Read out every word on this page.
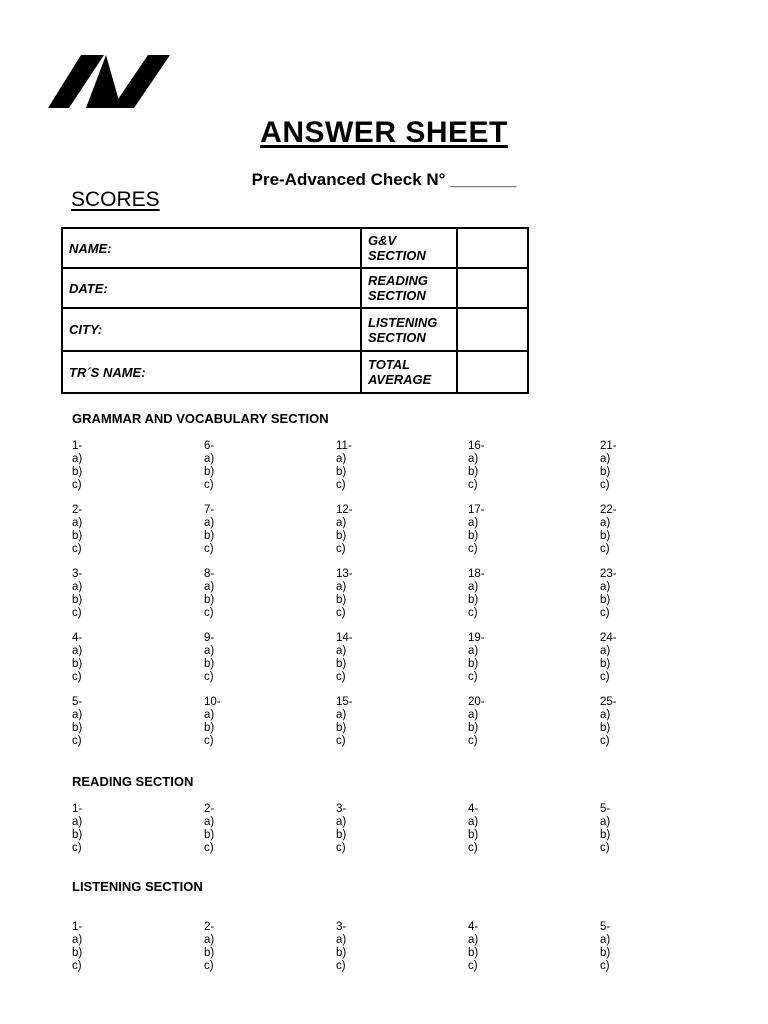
ANSWER SHEET
Pre-Advanced Check N° _______
SCORES
NAME:	G&V SECTION	
DATE:	READING SECTION	
CITY:	LISTENING SECTION	
TR´S NAME:	TOTAL AVERAGE	
GRAMMAR AND VOCABULARY SECTION
1-
a)
b)
c)
6-
a)
b)
c)
11-
a)
b)
c)
16-
a)
b)
c)
21-
a)
b)
c)
2-
a)
b)
c)
7-
a)
b)
c)
12-
a)
b)
c)
17-
a)
b)
c)
22-
a)
b)
c)
3-
a)
b)
c)
8-
a)
b)
c)
13-
a)
b)
c)
18-
a)
b)
c)
23-
a)
b)
c)
4-
a)
b)
c)
9-
a)
b)
c)
14-
a)
b)
c)
19-
a)
b)
c)
24-
a)
b)
c)
5-
a)
b)
c)
10-
a)
b)
c)
15-
a)
b)
c)
20-
a)
b)
c)
25-
a)
b)
c)
READING SECTION
1-
a)
b)
c)
2-
a)
b)
c)
3-
a)
b)
c)
4-
a)
b)
c)
5-
a)
b)
c)
LISTENING SECTION
1-
a)
b)
c)
2-
a)
b)
c)
3-
a)
b)
c)
4-
a)
b)
c)
5-
a)
b)
c)
